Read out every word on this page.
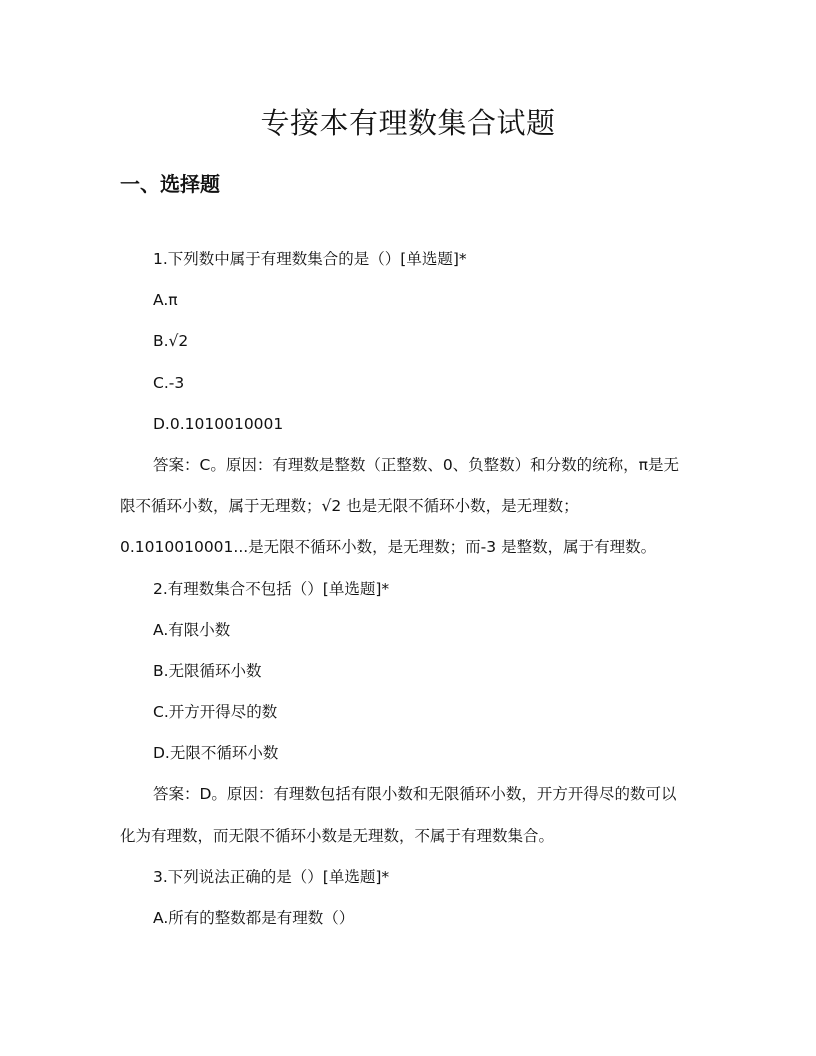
专接本有理数集合试题
一、选择题
1.下列数中属于有理数集合的是（）[单选题]*
A.π
B.√2
C.-3
D.0.1010010001
答案：C。原因：有理数是整数（正整数、0、负整数）和分数的统称，π是无
限不循环小数，属于无理数；√2 也是无限不循环小数，是无理数；
0.1010010001...是无限不循环小数，是无理数；而-3 是整数，属于有理数。
2.有理数集合不包括（）[单选题]*
A.有限小数
B.无限循环小数
C.开方开得尽的数
D.无限不循环小数
答案：D。原因：有理数包括有限小数和无限循环小数，开方开得尽的数可以
化为有理数，而无限不循环小数是无理数，不属于有理数集合。
3.下列说法正确的是（）[单选题]*
A.所有的整数都是有理数（）
